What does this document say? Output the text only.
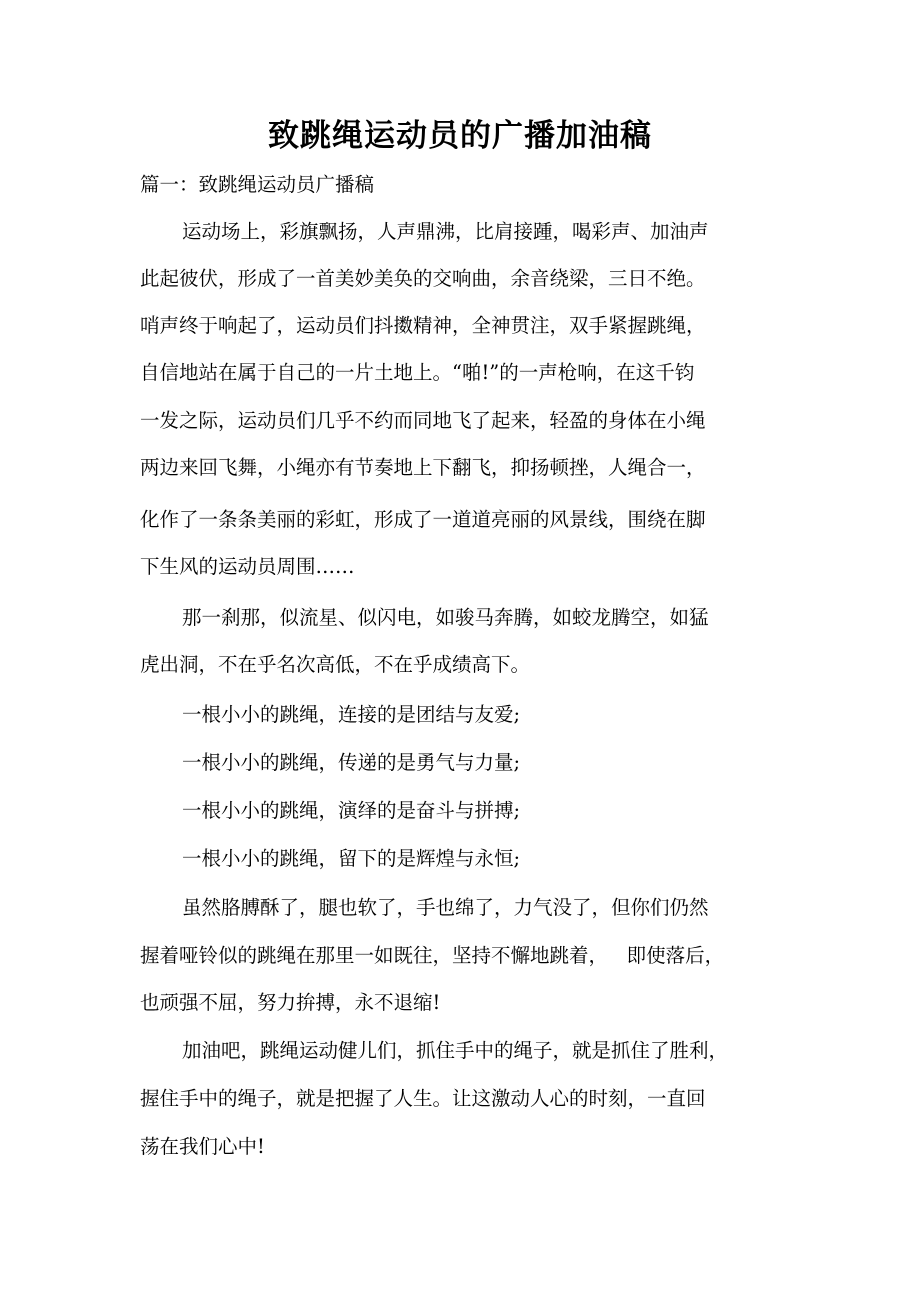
致跳绳运动员的广播加油稿
篇一：致跳绳运动员广播稿
运动场上，彩旗飘扬，人声鼎沸，比肩接踵，喝彩声、加油声
此起彼伏，形成了一首美妙美奂的交响曲，余音绕梁，三日不绝。
哨声终于响起了，运动员们抖擞精神，全神贯注，双手紧握跳绳，
自信地站在属于自己的一片土地上。“啪!”的一声枪响，在这千钧
一发之际，运动员们几乎不约而同地飞了起来，轻盈的身体在小绳
两边来回飞舞，小绳亦有节奏地上下翻飞，抑扬顿挫，人绳合一，
化作了一条条美丽的彩虹，形成了一道道亮丽的风景线，围绕在脚
下生风的运动员周围……
那一刹那，似流星、似闪电，如骏马奔腾，如蛟龙腾空，如猛
虎出洞，不在乎名次高低，不在乎成绩高下。
一根小小的跳绳，连接的是团结与友爱;
一根小小的跳绳，传递的是勇气与力量;
一根小小的跳绳，演绎的是奋斗与拼搏;
一根小小的跳绳，留下的是辉煌与永恒;
虽然胳膊酥了，腿也软了，手也绵了，力气没了，但你们仍然
握着哑铃似的跳绳在那里一如既往，坚持不懈地跳着，   即使落后，
也顽强不屈，努力拚搏，永不退缩!
加油吧，跳绳运动健儿们，抓住手中的绳子，就是抓住了胜利，
握住手中的绳子，就是把握了人生。让这激动人心的时刻，一直回
荡在我们心中!
